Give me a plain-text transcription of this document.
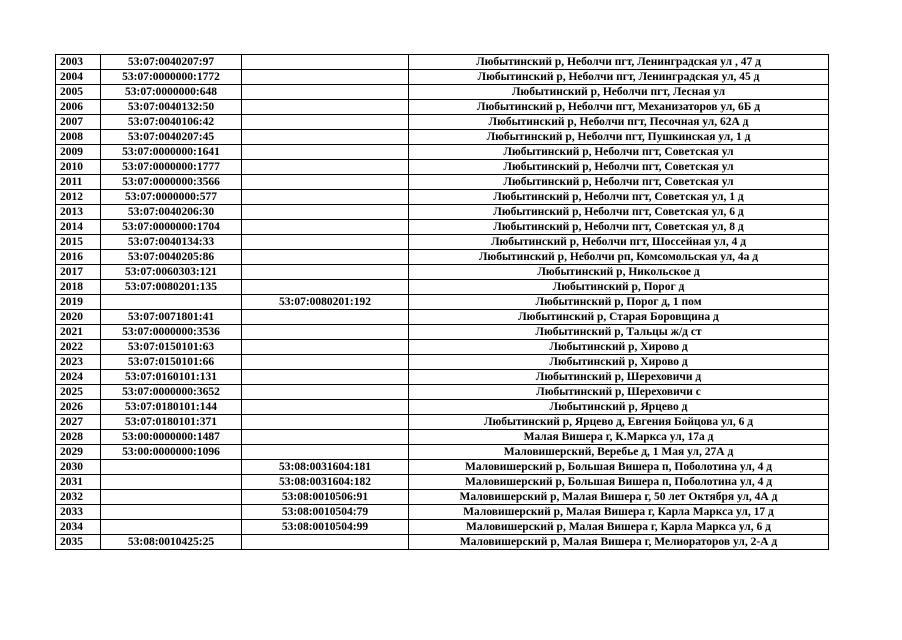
2003	53:07:0040207:97		Любытинский р, Неболчи пгт, Ленинградская ул , 47 д
2004	53:07:0000000:1772		Любытинский р, Неболчи пгт, Ленинградская ул, 45 д
2005	53:07:0000000:648		Любытинский р, Неболчи пгт, Лесная ул
2006	53:07:0040132:50		Любытинский р, Неболчи пгт, Механизаторов ул, 6Б д
2007	53:07:0040106:42		Любытинский р, Неболчи пгт, Песочная ул, 62А д
2008	53:07:0040207:45		Любытинский р, Неболчи пгт, Пушкинская ул, 1 д
2009	53:07:0000000:1641		Любытинский р, Неболчи пгт, Советская ул
2010	53:07:0000000:1777		Любытинский р, Неболчи пгт, Советская ул
2011	53:07:0000000:3566		Любытинский р, Неболчи пгт, Советская ул
2012	53:07:0000000:577		Любытинский р, Неболчи пгт, Советская ул, 1 д
2013	53:07:0040206:30		Любытинский р, Неболчи пгт, Советская ул, 6 д
2014	53:07:0000000:1704		Любытинский р, Неболчи пгт, Советская ул, 8 д
2015	53:07:0040134:33		Любытинский р, Неболчи пгт, Шоссейная ул, 4 д
2016	53:07:0040205:86		Любытинский р, Неболчи рп, Комсомольская ул, 4а д
2017	53:07:0060303:121		Любытинский р, Никольское д
2018	53:07:0080201:135		Любытинский р, Порог д
2019		53:07:0080201:192	Любытинский р, Порог д, 1 пом
2020	53:07:0071801:41		Любытинский р, Старая Боровщина д
2021	53:07:0000000:3536		Любытинский р, Тальцы ж/д ст
2022	53:07:0150101:63		Любытинский р, Хирово д
2023	53:07:0150101:66		Любытинский р, Хирово д
2024	53:07:0160101:131		Любытинский р, Шереховичи д
2025	53:07:0000000:3652		Любытинский р, Шереховичи с
2026	53:07:0180101:144		Любытинский р, Ярцево д
2027	53:07:0180101:371		Любытинский р, Ярцево д, Евгения Бойцова ул, 6 д
2028	53:00:0000000:1487		Малая Вишера г, К.Маркса ул, 17а д
2029	53:00:0000000:1096		Маловишерский, Веребье д, 1 Мая ул, 27А д
2030		53:08:0031604:181	Маловишерский р, Большая Вишера п, Поболотина ул, 4 д
2031		53:08:0031604:182	Маловишерский р, Большая Вишера п, Поболотина ул, 4 д
2032		53:08:0010506:91	Маловишерский р, Малая Вишера г, 50 лет Октября ул, 4А д
2033		53:08:0010504:79	Маловишерский р, Малая Вишера г, Карла Маркса ул, 17 д
2034		53:08:0010504:99	Маловишерский р, Малая Вишера г, Карла Маркса ул, 6 д
2035	53:08:0010425:25		Маловишерский р, Малая Вишера г, Мелиораторов ул, 2-А д
